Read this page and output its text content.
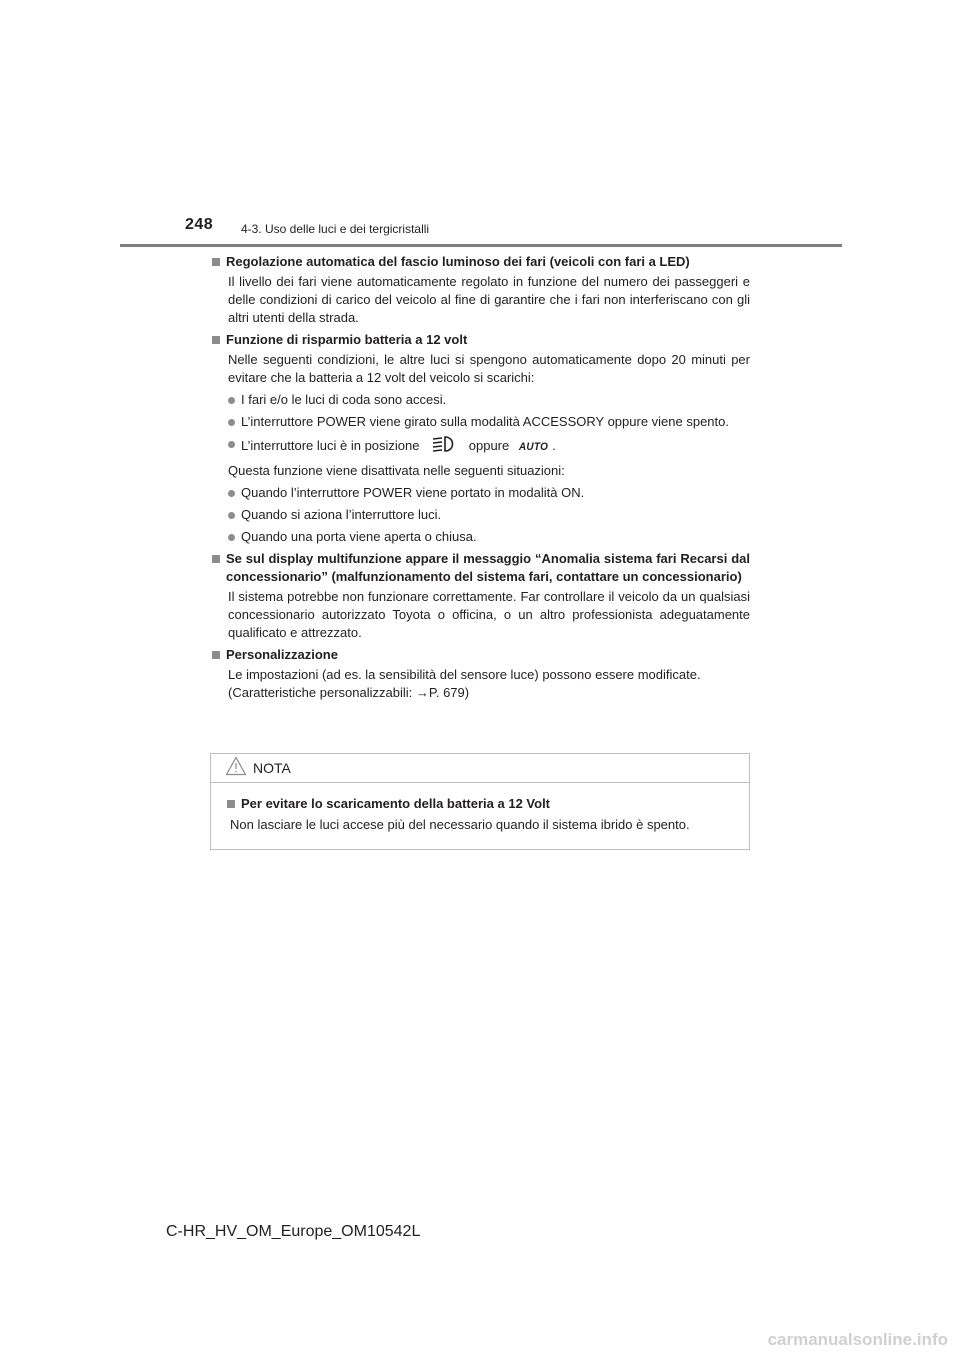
248 4-3. Uso delle luci e dei tergicristalli
Regolazione automatica del fascio luminoso dei fari (veicoli con fari a LED)
Il livello dei fari viene automaticamente regolato in funzione del numero dei passeggeri e delle condizioni di carico del veicolo al fine di garantire che i fari non interferiscano con gli altri utenti della strada.
Funzione di risparmio batteria a 12 volt
Nelle seguenti condizioni, le altre luci si spengono automaticamente dopo 20 minuti per evitare che la batteria a 12 volt del veicolo si scarichi:
I fari e/o le luci di coda sono accesi.
L’interruttore POWER viene girato sulla modalità ACCESSORY oppure viene spento.
L’interruttore luci è in posizione	oppure AUTO .
Questa funzione viene disattivata nelle seguenti situazioni:
Quando l’interruttore POWER viene portato in modalità ON.
Quando si aziona l’interruttore luci.
Quando una porta viene aperta o chiusa.
Se sul display multifunzione appare il messaggio “Anomalia sistema fari Recarsi dal concessionario” (malfunzionamento del sistema fari, contattare un concessionario)
Il sistema potrebbe non funzionare correttamente. Far controllare il veicolo da un qualsiasi concessionario autorizzato Toyota o officina, o un altro professionista adeguatamente qualificato e attrezzato.
Personalizzazione
Le impostazioni (ad es. la sensibilità del sensore luce) possono essere modificate.
(Caratteristiche personalizzabili: →P. 679)
NOTA
Per evitare lo scaricamento della batteria a 12 Volt
Non lasciare le luci accese più del necessario quando il sistema ibrido è spento.
C-HR_HV_OM_Europe_OM10542L
carmanualsonline.info
